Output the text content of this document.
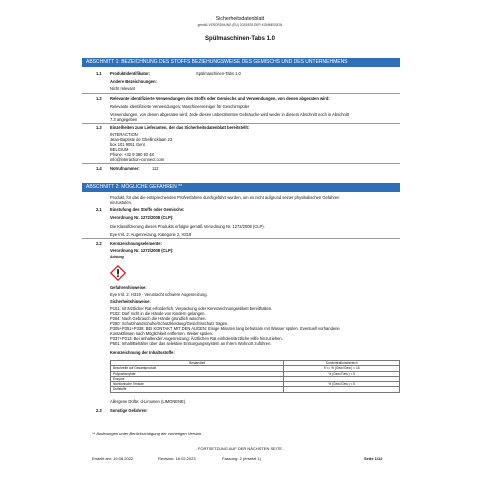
Sicherheitsdatenblatt
gemäß VERORDNUNG (EU) 2020/878 DER KOMMISSION
Spülmaschinen-Tabs 1.0
ABSCHNITT 1: BEZEICHNUNG DES STOFFS BEZIEHUNGSWEISE DES GEMISCHS UND DES UNTERNEHMENS
1.1 Produktidentifikator:	Spülmaschinen-Tabs 1.0
Andere Bezeichnungen:
Nicht relevant
1.2 Relevante identifizierte Verwendungen des Stoffs oder Gemischs und Verwendungen, von denen abgeraten wird:
Relevante identifizierte Verwendungen: Maschinenreiniger für Geschirrspüler
Verwendungen, von denen abgeraten wird: Jede diesen unbestimmten Gebräuche wird weder in diesem Abschnitt noch in Abschnitt
7.3 angegeben
1.3 Einzelheiten zum Lieferanten, der das Sicherheitsdatenblatt bereitstellt:
INTERACTION
Jean-Baptiste de Ghellincklaan 23
box 101 9051 Gent
BELGIUM
Phone: +32 9 380 92 48
info@interaction-connect.com
1.4 Notrufnummer:	112
ABSCHNITT 2: MÖGLICHE GEFAHREN **
Produkt, für das die entsprechenden Prüfverfahren durchgeführt wurden, um es nicht aufgrund seiner physikalischen Gefahren
einzustufen.
2.1 Einstufung des Stoffs oder Gemischs:
Verordnung Nr. 1272/2008 (CLP):
Die Klassifizierung dieses Produkts erfolgte gemäß Verordnung Nr. 1272/2008 (CLP).
Eye Irrit. 2: Augenreizung, Kategorie 2, H319
2.2 Kennzeichnungselemente:
Verordnung Nr. 1272/2008 (CLP):
Achtung
Gefahrenhinweise:
Eye Irrit. 2: H319 - Verursacht schwere Augenreizung.
Sicherheitshinweise:
P101: Ist ärztlicher Rat erforderlich, Verpackung oder Kennzeichnungsetikett bereithalten.
P102: Darf nicht in die Hände von Kindern gelangen.
P264: Nach Gebrauch die Hände gründlich waschen.
P280: Schutzhandschuhe/Schutzkleidung/Gesichtsschutz tragen.
P305+P351+P338: BEI KONTAKT MIT DEN AUGEN: Einige Minuten lang behutsam mit Wasser spülen. Eventuell vorhandene
Kontaktlinsen nach Möglichkeit entfernen. Weiter spülen.
P337+P313: Bei anhaltender Augenreizung: Ärztlichen Rat einholen/ärztliche Hilfe hinzuziehen.
P501: Inhalt/Behälter über das selektive Entsorgungssystem an Ihrem Wohnort zuführen.
Kennzeichnung der Inhaltsstoffe:
Bestandteil	Konzentrationsbereich
Beschreibt auf Gesamtprodukt	5 <= % (Gew./Gew.) < 15
Polycarboxylate	% (Gew./Gew.) < 5
Enzyme	
Nichtionische Tenside	% (Gew./Gew.) < 5
Duftstoffe	
Allergene Düfte: d-Limonen (LIMONENE).
2.3 Sonstige Gefahren:
** Änderungen unter Berücksichtigung der vorherigen Version
- FORTSETZUNG AUF DER NÄCHSTEN SEITE -
Erstellt am: 19.08.2022	Revision: 16.02.2023	Fassung: 2 (ersetzt 1)	Seite 1/12
